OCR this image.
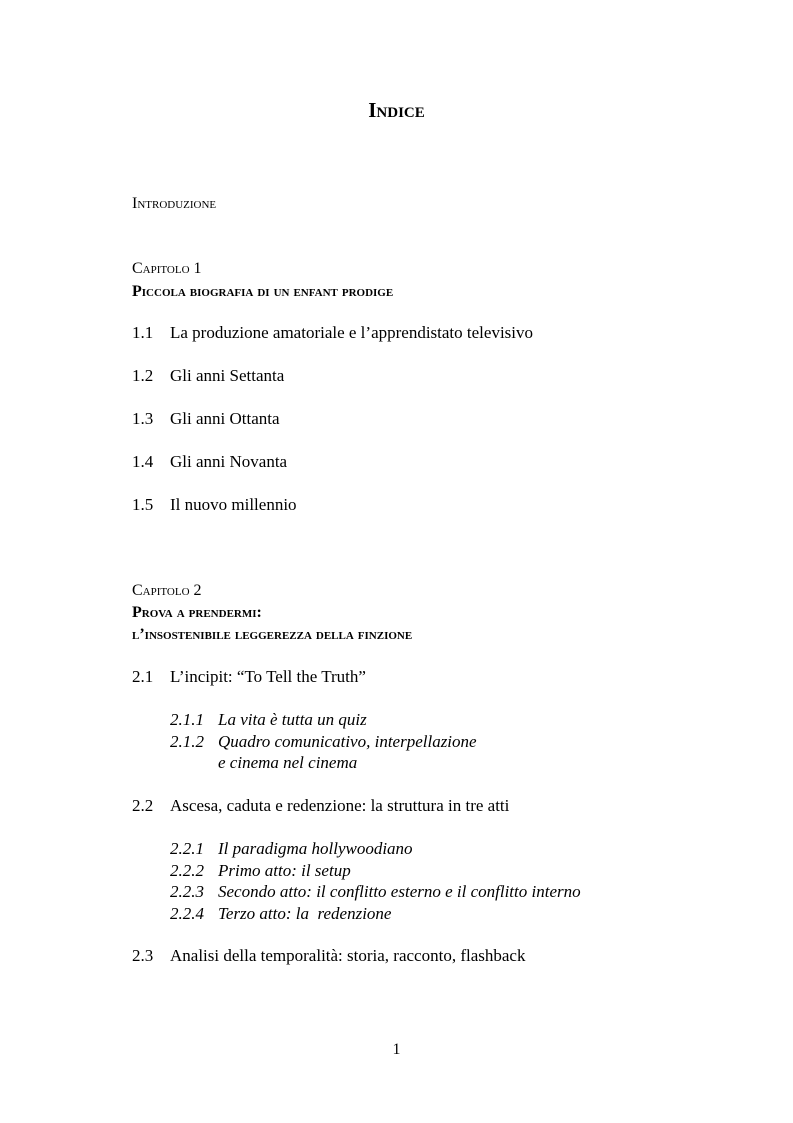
Indice
Introduzione
Capitolo 1
Piccola biografia di un enfant prodige
1.1 La produzione amatoriale e l’apprendistato televisivo
1.2 Gli anni Settanta
1.3 Gli anni Ottanta
1.4 Gli anni Novanta
1.5 Il nuovo millennio
Capitolo 2
Prova a prendermi:
l’insostenibile leggerezza della finzione
2.1 L’incipit: “To Tell the Truth”
2.1.1 La vita è tutta un quiz
2.1.2 Quadro comunicativo, interpellazione
e cinema nel cinema
2.2 Ascesa, caduta e redenzione: la struttura in tre atti
2.2.1 Il paradigma hollywoodiano
2.2.2 Primo atto: il setup
2.2.3 Secondo atto: il conflitto esterno e il conflitto interno
2.2.4 Terzo atto: la  redenzione
2.3 Analisi della temporalità: storia, racconto, flashback
1
